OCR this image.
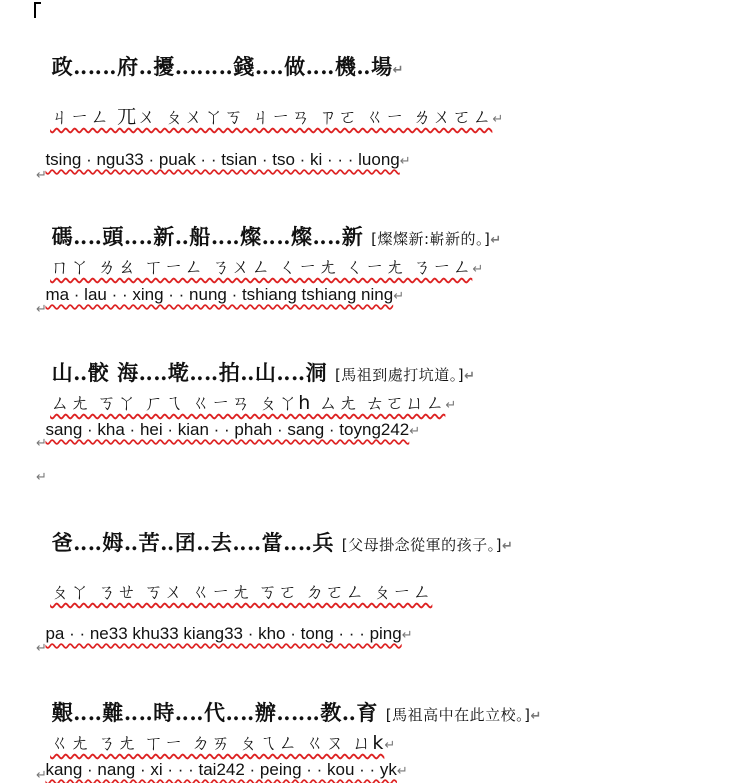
政‥‥‥府‥擾‥‥‥‥錢‥‥做‥‥機‥場↵

ㄐㄧㄥ ㄫㄨ ㄆㄨㄚㄎ ㄐㄧㄢ ㄗㄛ ㄍㄧ ㄌㄨㄛㄥ↵

tsing · ngu33 · puak · · tsian · tso · ki · · · luong↵

↵

碼‥‥頭‥‥新‥船‥‥燦‥‥燦‥‥新 [燦燦新:嶄新的。]↵

ㄇㄚ ㄌㄠ ㄒㄧㄥ ㄋㄨㄥ ㄑㄧㄤ ㄑㄧㄤ ㄋㄧㄥ↵

ma · lau · · xing · · nung · tshiang tshiang ning↵

↵

山‥骹 海‥‥墘‥‥拍‥山‥‥洞 [馬祖到處打坑道。]↵

ㄙㄤ ㄎㄚ ㄏㄟ ㄍㄧㄢ ㄆㄚh ㄙㄤ ㄊㄛㄩㄥ↵

sang · kha · hei · kian · · phah · sang · toyng242↵

↵
↵

爸‥‥姆‥苦‥囝‥去‥‥當‥‥兵 [父母掛念從軍的孩子。]↵

ㄆㄚ ㄋㄝ ㄎㄨ ㄍㄧㄤ ㄎㄛ ㄉㄛㄥ ㄆㄧㄥ

pa · · ne33 khu33 kiang33 · kho · tong · · · ping↵

↵

艱‥‥難‥‥時‥‥代‥‥辦‥‥‥教‥育 [馬祖高中在此立校。]↵

ㄍㄤ ㄋㄤ ㄒㄧ ㄉㄞ ㄆㄟㄥ ㄍㄡ ㄩk↵

kang · nang · xi · · · tai242 · peing · · kou · · yk↵

↵
